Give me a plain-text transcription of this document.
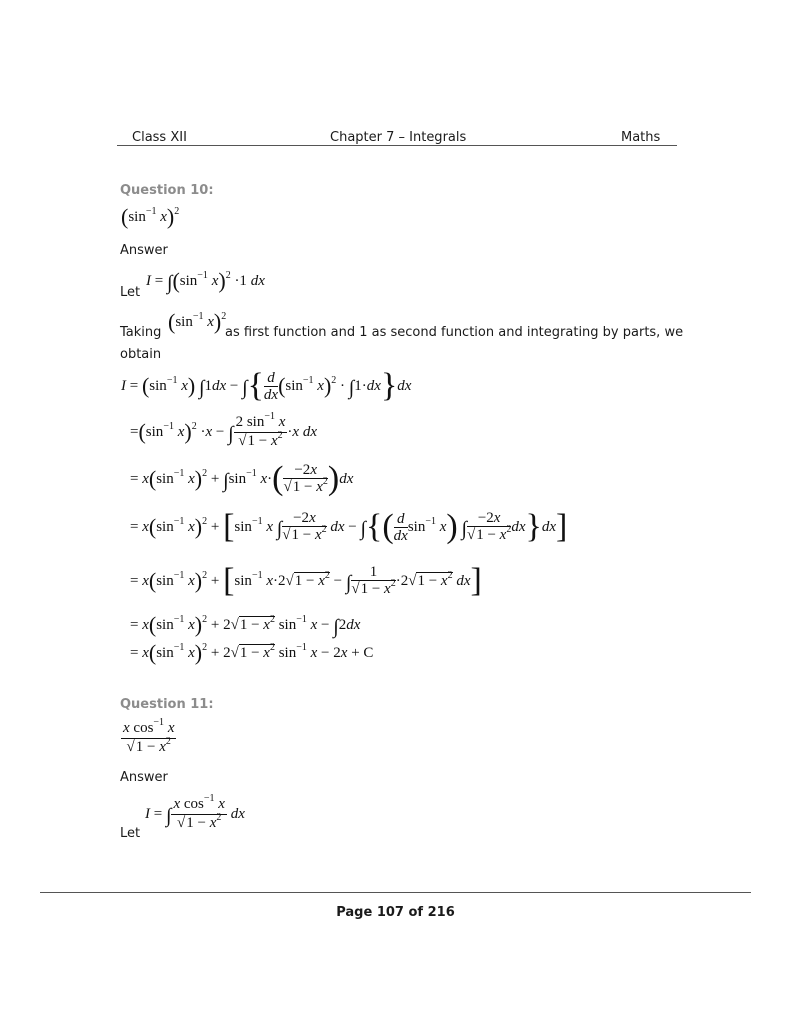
Class XII	Chapter 7 – Integrals	Maths
Question 10:
($\sin^{-1}$ x)$^2$
Answer
Let
$I = \int(\sin^{-1}$ x)$^2$ ·1 dx
Taking ($\sin^{-1}$ x)$^2$
as first function and 1 as second function and integrating by parts, we
obtain
$I = (\sin^{-1}$ x) ∫1dx − ∫{ $\frac{d}{dx} (\sin^{-1}$ x)$^2$ · ∫1·dx}dx
$=(\sin^{-1}$ x)$^2$ ·x − ∫ $\frac{2 \sin^{-1} x}{√1 - x^2} \cdot x$ dx
= $x(\sin^{-1}$ $x)^2 + \int\sin^{-1}$ $x\cdot( \frac{-2x}{√1 - x^2} )dx$
= $x(\sin^{-1}$ $x)^2 + [\sin^{-1}$ x ∫ $\frac{-2x}{√1 - x^2}$ dx − ∫{( $\frac{d}{dx} \sin^{-1} x$) ∫ $\frac{-2x}{√1 - x^2} dx\}dx$]
= $x(\sin^{-1}$ $x)^2 + [\sin^{-1}$ $x\cdot 2√1 - x^2$ − ∫ $\frac{1}{√1 - x^2} \cdot 2√1 - x^2$ dx]
= $x(\sin^{-1}$ $x)^2 + 2√1 - x^2$ $\sin^{-1} x - \int 2dx$
= $x(\sin^{-1}$ $x)^2 + 2√1 - x^2$ $\sin^{-1} x - 2x + C$
Question 11:
$\frac{x \cos^{-1} x}{√1 - x^2}$
Answer
Let
I = ∫ $\frac{x \cos^{-1} x}{√1 - x^2}$ dx
Page 107 of 216
